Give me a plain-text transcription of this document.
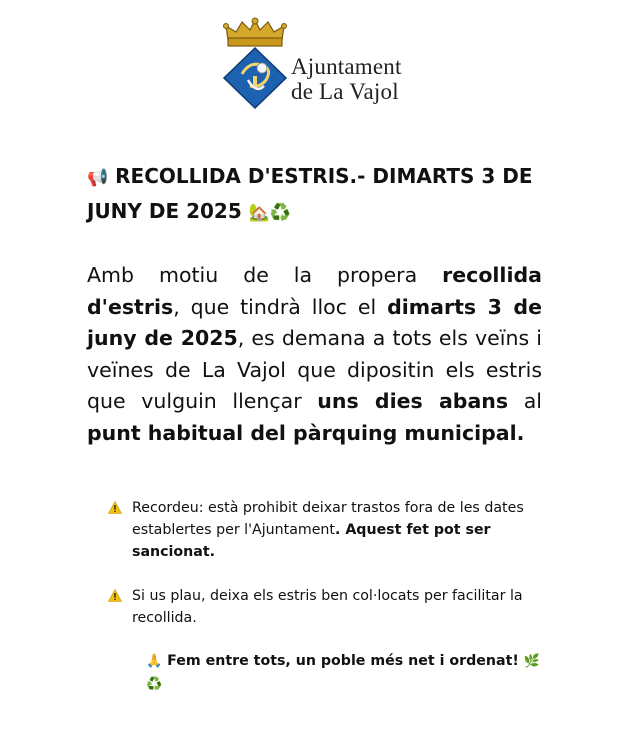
Ajuntament
de La Vajol
📢 RECOLLIDA D'ESTRIS.- DIMARTS 3 DE JUNY DE 2025 🏡♻️
Amb motiu de la propera recollida d'estris, que tindrà lloc el dimarts 3 de juny de 2025, es demana a tots els veïns i veïnes de La Vajol que dipositin els estris que vulguin llençar uns dies abans al punt habitual del pàrquing municipal.
Recordeu: està prohibit deixar trastos fora de les dates establertes per l'Ajuntament. Aquest fet pot ser sancionat.
Si us plau, deixa els estris ben col·locats per facilitar la recollida.
🙏 Fem entre tots, un poble més net i ordenat! 🌿♻️
